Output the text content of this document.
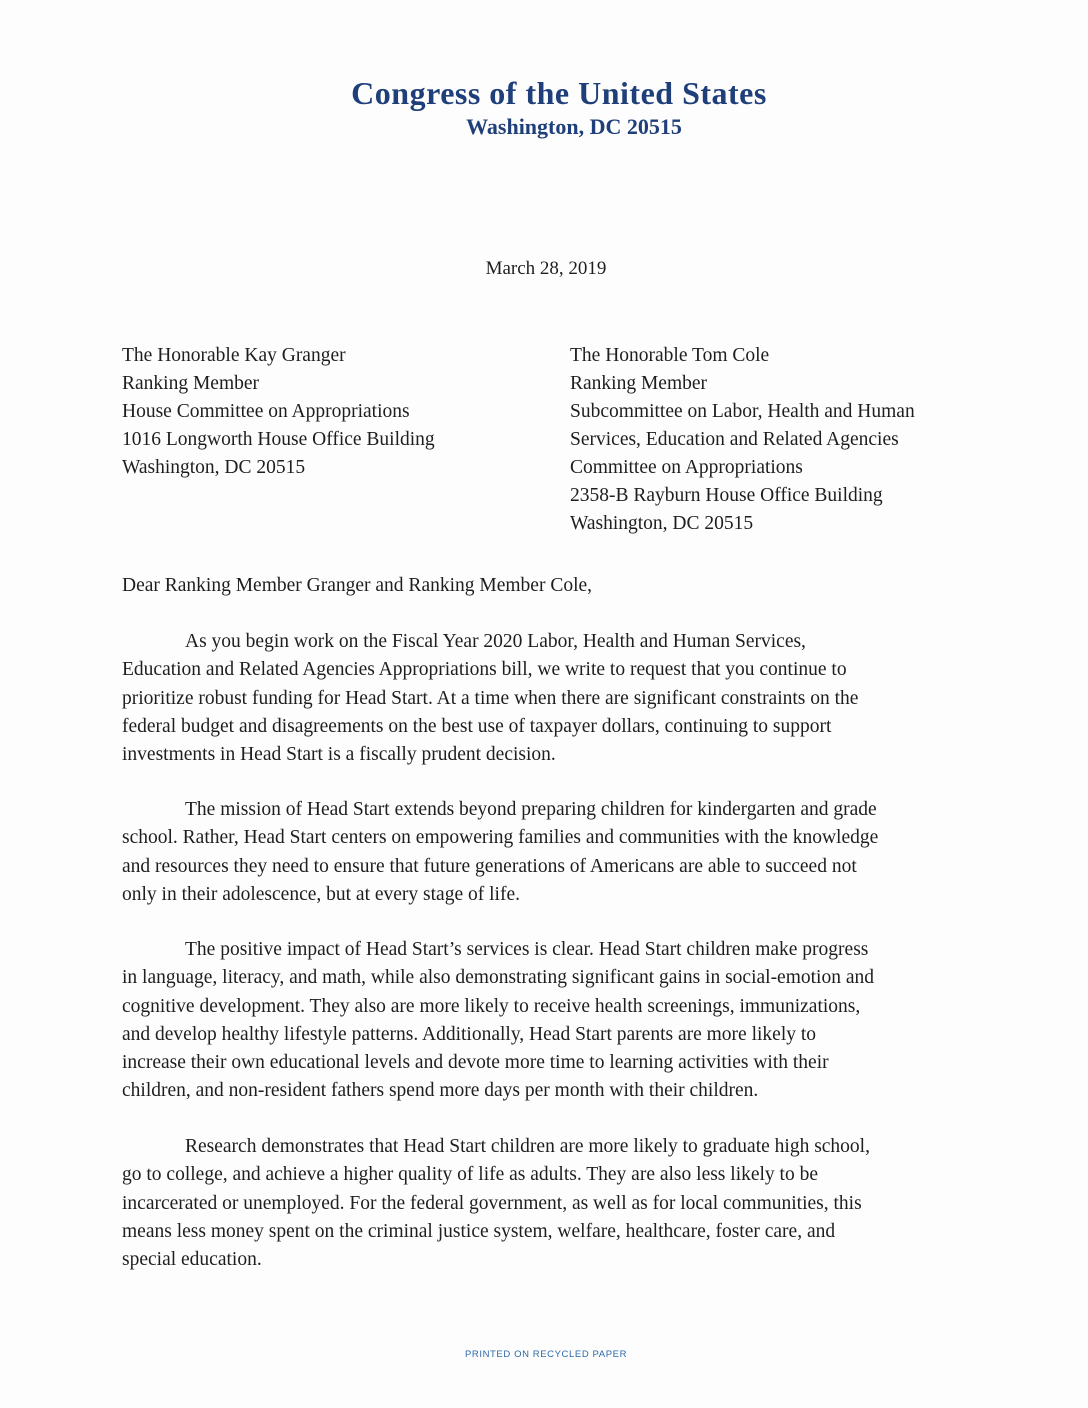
Congress of the United States
Washington, DC 20515
March 28, 2019
The Honorable Kay Granger
Ranking Member
House Committee on Appropriations
1016 Longworth House Office Building
Washington, DC 20515
The Honorable Tom Cole
Ranking Member
Subcommittee on Labor, Health and Human
Services, Education and Related Agencies
Committee on Appropriations
2358-B Rayburn House Office Building
Washington, DC 20515
Dear Ranking Member Granger and Ranking Member Cole,
As you begin work on the Fiscal Year 2020 Labor, Health and Human Services,
Education and Related Agencies Appropriations bill, we write to request that you continue to
prioritize robust funding for Head Start. At a time when there are significant constraints on the
federal budget and disagreements on the best use of taxpayer dollars, continuing to support
investments in Head Start is a fiscally prudent decision.
The mission of Head Start extends beyond preparing children for kindergarten and grade
school. Rather, Head Start centers on empowering families and communities with the knowledge
and resources they need to ensure that future generations of Americans are able to succeed not
only in their adolescence, but at every stage of life.
The positive impact of Head Start’s services is clear. Head Start children make progress
in language, literacy, and math, while also demonstrating significant gains in social-emotion and
cognitive development. They also are more likely to receive health screenings, immunizations,
and develop healthy lifestyle patterns. Additionally, Head Start parents are more likely to
increase their own educational levels and devote more time to learning activities with their
children, and non-resident fathers spend more days per month with their children.
Research demonstrates that Head Start children are more likely to graduate high school,
go to college, and achieve a higher quality of life as adults. They are also less likely to be
incarcerated or unemployed. For the federal government, as well as for local communities, this
means less money spent on the criminal justice system, welfare, healthcare, foster care, and
special education.
PRINTED ON RECYCLED PAPER
